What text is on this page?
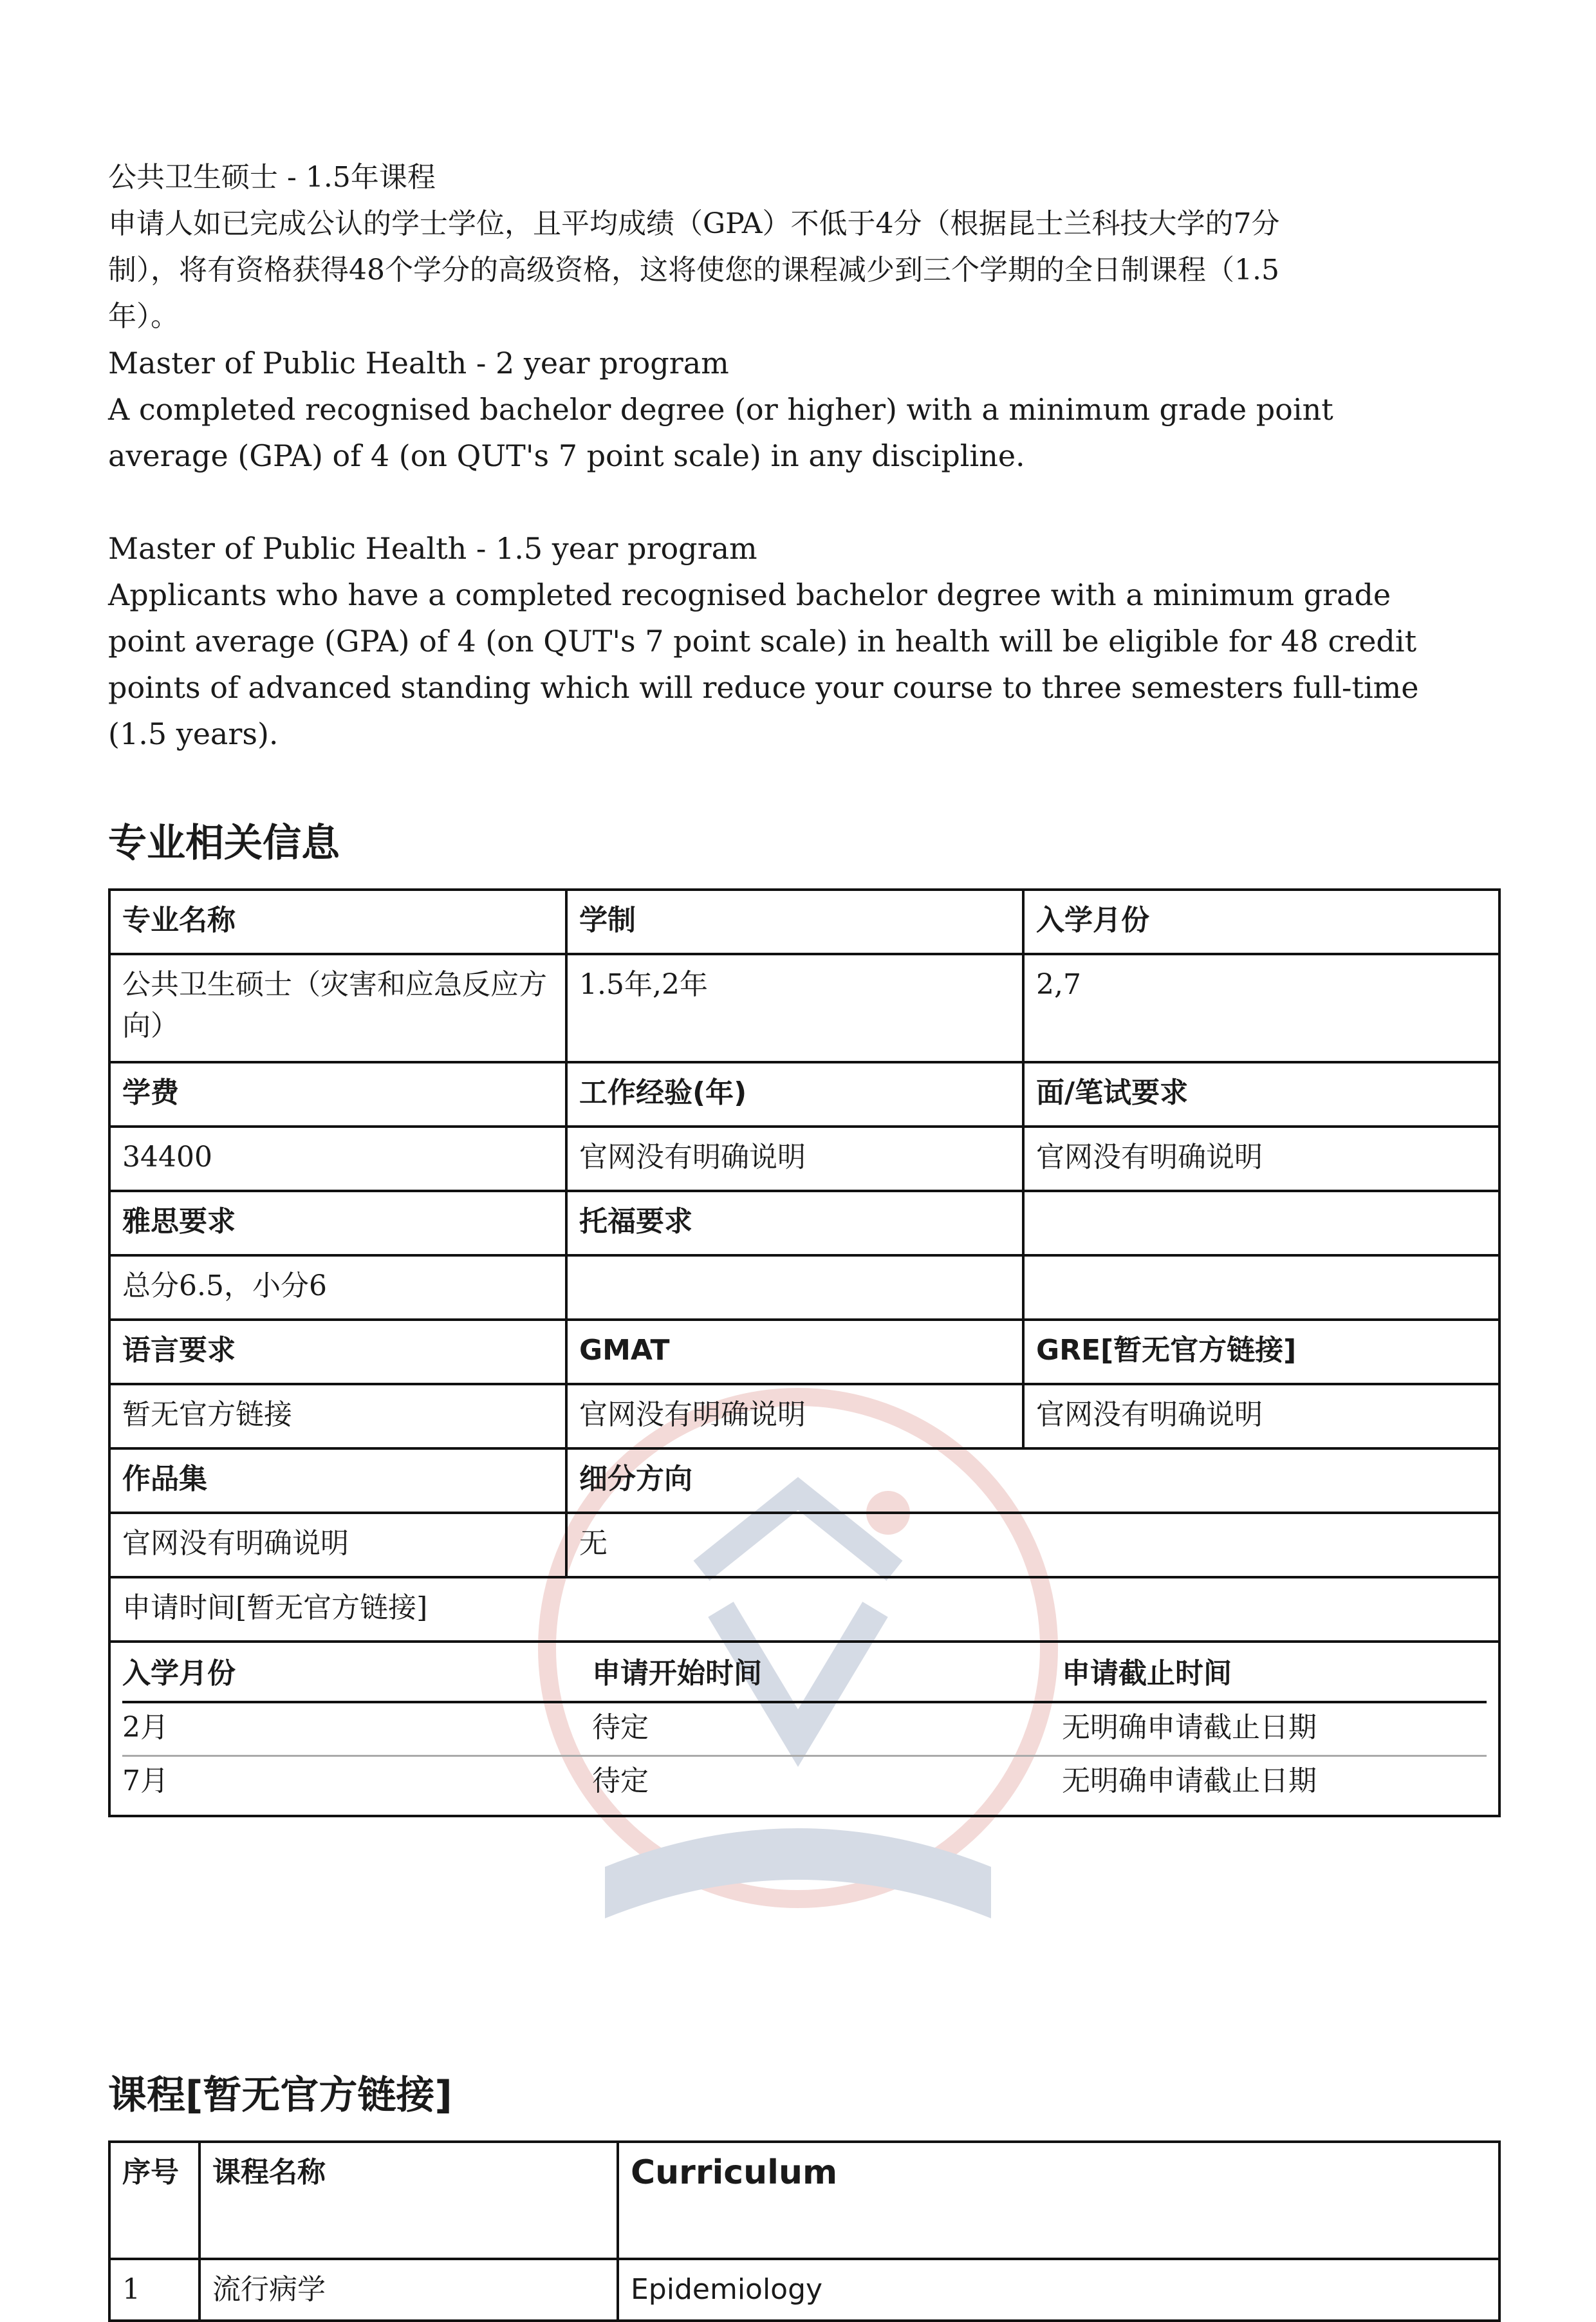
公共卫生硕士 - 1.5年课程

申请人如已完成公认的学士学位，且平均成绩（GPA）不低于4分（根据昆士兰科技大学的7分

制），将有资格获得48个学分的高级资格，这将使您的课程减少到三个学期的全日制课程（1.5

年）。

Master of Public Health - 2 year program

A completed recognised bachelor degree (or higher) with a minimum grade point

average (GPA) of 4 (on QUT's 7 point scale) in any discipline.

Master of Public Health - 1.5 year program

Applicants who have a completed recognised bachelor degree with a minimum grade

point average (GPA) of 4 (on QUT's 7 point scale) in health will be eligible for 48 credit

points of advanced standing which will reduce your course to three semesters full-time

(1.5 years).

专业相关信息
专业名称	学制	入学月份
公共卫生硕士（灾害和应急反应方向）	1.5年,2年	2,7
学费	工作经验(年)	面/笔试要求
34400	官网没有明确说明	官网没有明确说明
雅思要求	托福要求	
总分6.5，小分6		
语言要求	GMAT	GRE[暂无官方链接]
暂无官方链接	官网没有明确说明	官网没有明确说明
作品集	细分方向
官网没有明确说明	无
申请时间[暂无官方链接]

入学月份	申请开始时间	申请截止时间
2月	待定	无明确申请截止日期
7月	待定	无明确申请截止日期
课程[暂无官方链接]
序号	课程名称	Curriculum
1	流行病学	Epidemiology
